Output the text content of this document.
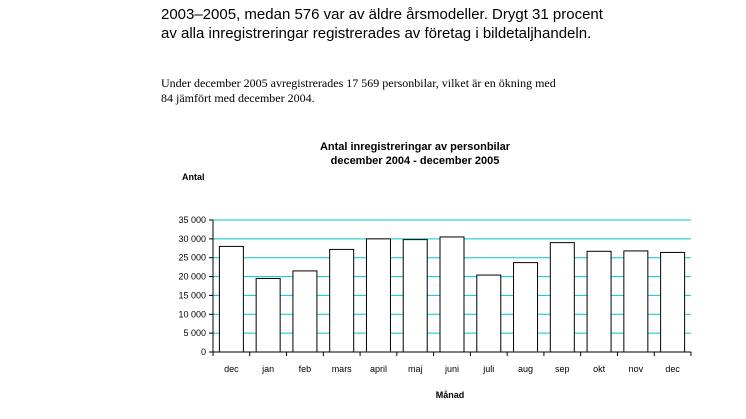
2003–2005, medan 576 var av äldre årsmodeller. Drygt 31 procent

av alla inregistreringar registrerades av företag i bildetaljhandeln.

Under december 2005 avregistrerades 17 569 personbilar, vilket är en ökning med

84 jämfört med december 2004.

Antal inregistreringar av personbilar
december 2004 - december 2005
Antal
Månad
0
5 000
10 000
15 000
20 000
25 000
30 000
35 000
dec	jan	feb mars april maj	juni	juli	aug sep	okt	nov dec
